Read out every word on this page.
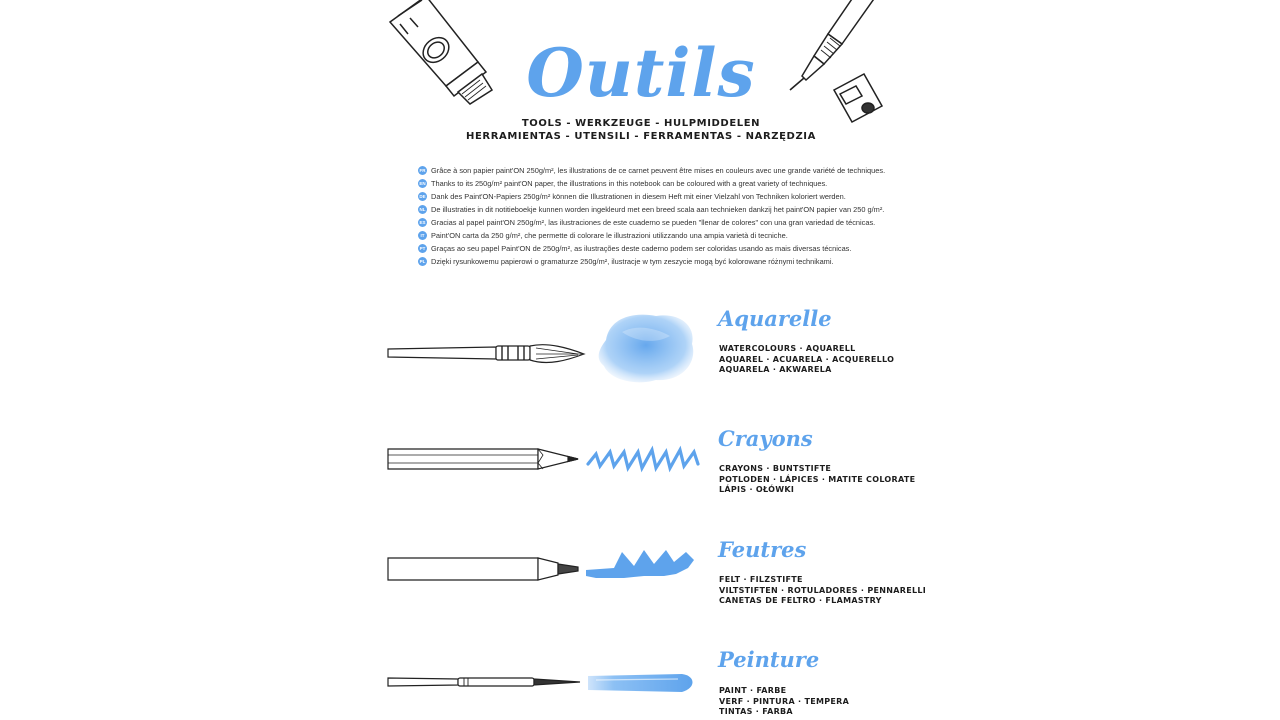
Outils
TOOLS - WERKZEUGE - HULPMIDDELEN
HERRAMIENTAS - UTENSILI - FERRAMENTAS - NARZĘDZIA
FR Grâce à son papier paint'ON 250g/m², les illustrations de ce carnet peuvent être mises en couleurs avec une grande variété de techniques.
EN Thanks to its 250g/m² paint'ON paper, the illustrations in this notebook can be coloured with a great variety of techniques.
DE Dank des Paint'ON-Papiers 250g/m² können die Illustrationen in diesem Heft mit einer Vielzahl von Techniken koloriert werden.
NL De illustraties in dit notitieboekje kunnen worden ingekleurd met een breed scala aan technieken dankzij het paint'ON papier van 250 g/m².
ES Gracias al papel paint'ON 250g/m², las ilustraciones de este cuaderno se pueden "llenar de colores" con una gran variedad de técnicas.
IT Paint'ON carta da 250 g/m², che permette di colorare le illustrazioni utilizzando una ampia varietà di tecniche.
PT Graças ao seu papel Paint'ON de 250g/m², as ilustrações deste caderno podem ser coloridas usando as mais diversas técnicas.
PL Dzięki rysunkowemu papierowi o gramaturze 250g/m², ilustracje w tym zeszycie mogą być kolorowane różnymi technikami.
Aquarelle
WATERCOLOURS · AQUARELL
AQUAREL · ACUARELA · ACQUERELLO
AQUARELA · AKWARELA
Crayons
CRAYONS · BUNTSTIFTE
POTLODEN · LÁPICES · MATITE COLORATE
LÁPIS · OŁÓWKI
Feutres
FELT · FILZSTIFTE
VILTSTIFTEN · ROTULADORES · PENNARELLI
CANETAS DE FELTRO · FLAMASTRY
Peinture
PAINT · FARBE
VERF · PINTURA · TEMPERA
TINTAS · FARBA
